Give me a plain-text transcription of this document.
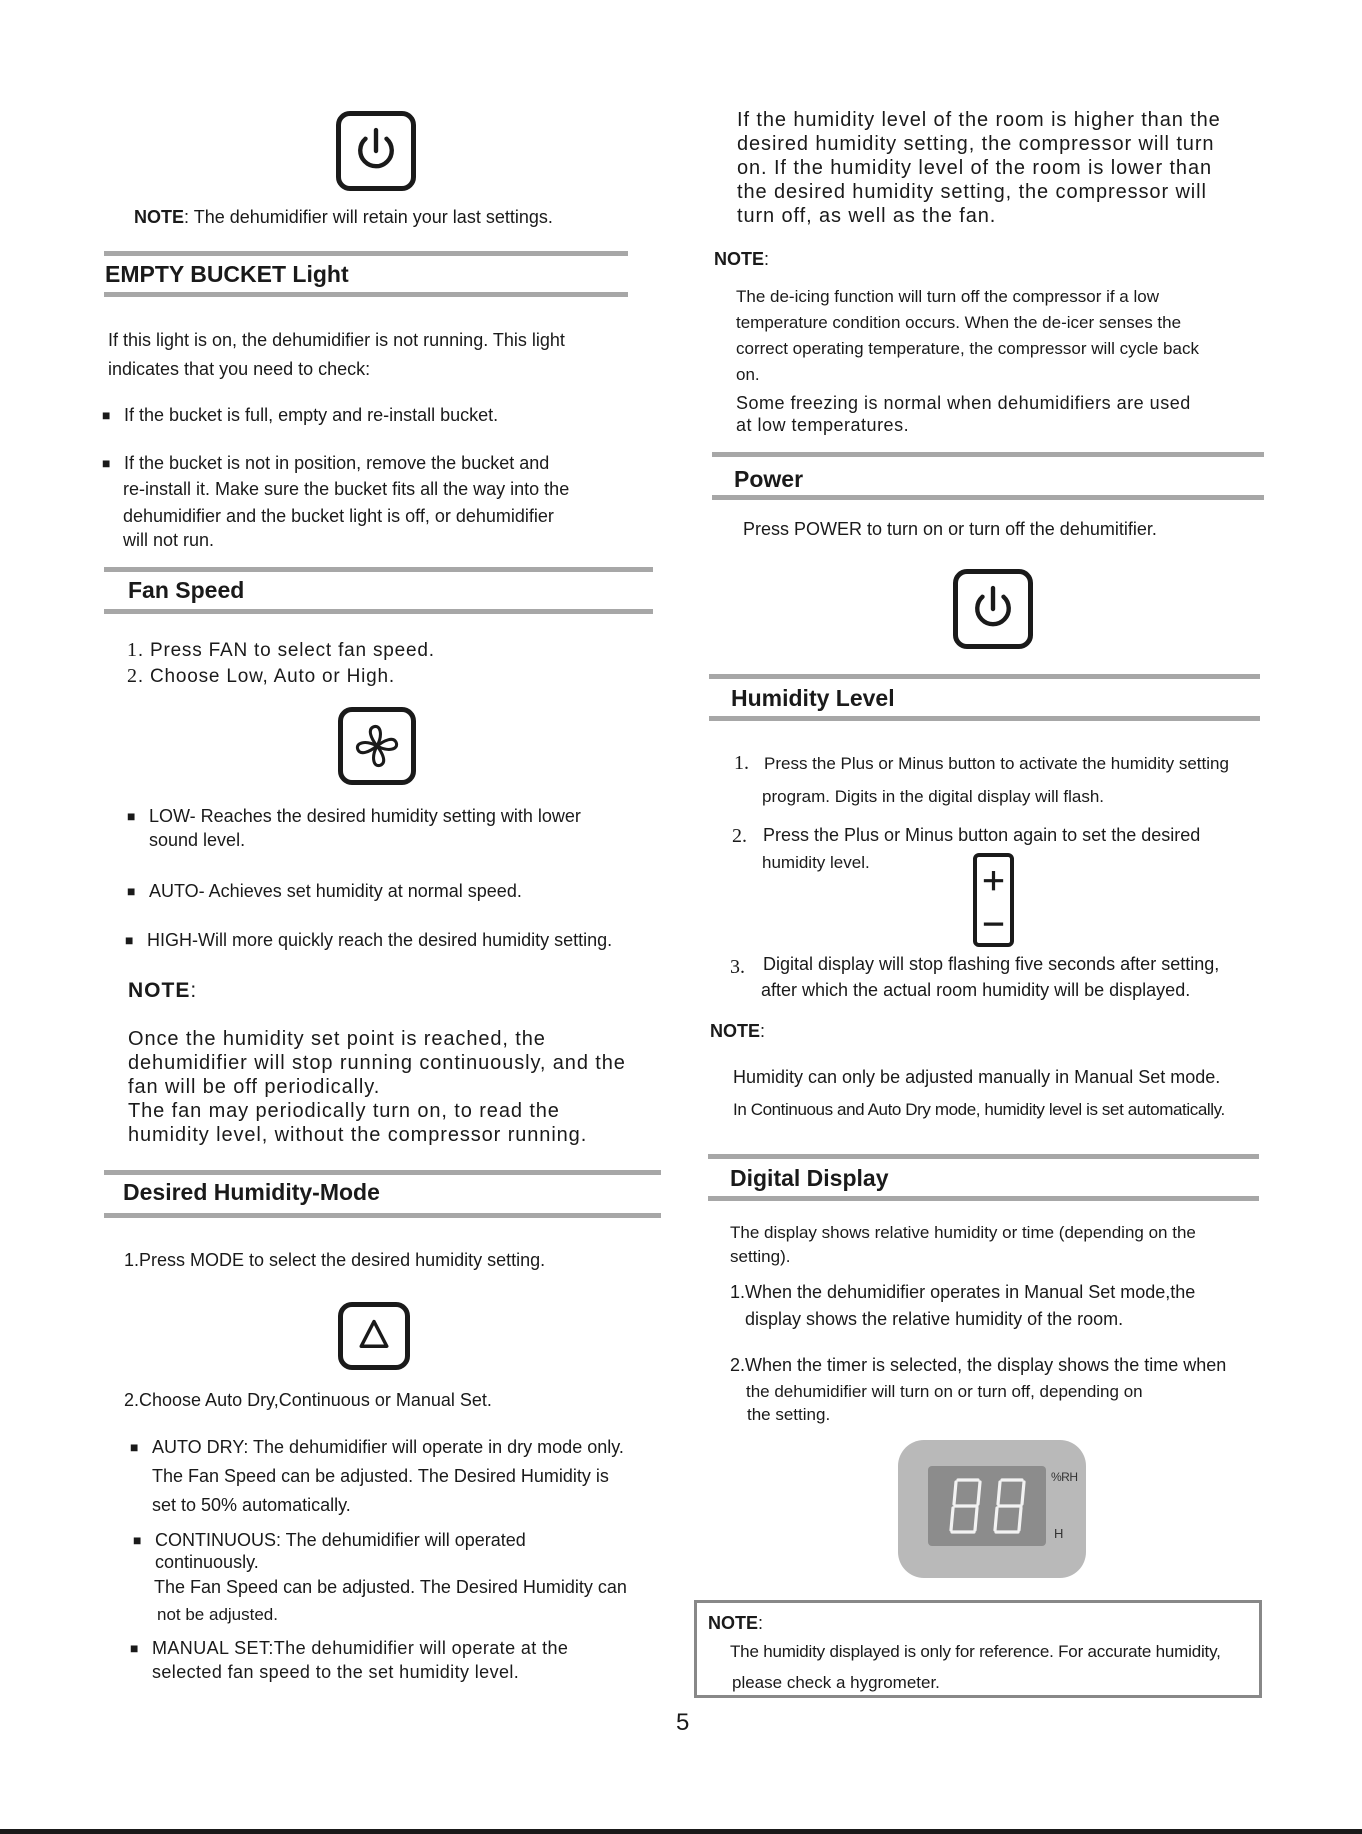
NOTE: The dehumidifier will retain your last settings.
EMPTY BUCKET Light
If this light is on, the dehumidifier is not running. This light
indicates that you need to check:
■ If the bucket is full, empty and re-install bucket.
■ If the bucket is not in position, remove the bucket and
re-install it. Make sure the bucket fits all the way into the
dehumidifier and the bucket light is off, or dehumidifier
will not run.
Fan Speed
1. Press FAN to select fan speed.
2. Choose Low, Auto or High.
■ LOW- Reaches the desired humidity setting with lower
sound level.
■ AUTO- Achieves set humidity at normal speed.
■ HIGH-Will more quickly reach the desired humidity setting.
NOTE:
Once the humidity set point is reached, the
dehumidifier will stop running continuously, and the
fan will be off periodically.
The fan may periodically turn on, to read the
humidity level, without the compressor running.
Desired Humidity-Mode
1.Press MODE to select the desired humidity setting.
2.Choose Auto Dry,Continuous or Manual Set.
■ AUTO DRY: The dehumidifier will operate in dry mode only.
The Fan Speed can be adjusted. The Desired Humidity is
set to 50% automatically.
■ CONTINUOUS: The dehumidifier will operated
continuously.
The Fan Speed can be adjusted. The Desired Humidity can
not be adjusted.
■ MANUAL SET:The dehumidifier will operate at the
selected fan speed to the set humidity level.
If the humidity level of the room is higher than the
desired humidity setting, the compressor will turn
on. If the humidity level of the room is lower than
the desired humidity setting, the compressor will
turn off, as well as the fan.
NOTE:
The de-icing function will turn off the compressor if a low
temperature condition occurs. When the de-icer senses the
correct operating temperature, the compressor will cycle back
on.
Some freezing is normal when dehumidifiers are used
at low temperatures.
Power
Press POWER to turn on or turn off the dehumitifier.
Humidity Level
1. Press the Plus or Minus button to activate the humidity setting
program. Digits in the digital display will flash.
2. Press the Plus or Minus button again to set the desired
humidity level.
3. Digital display will stop flashing five seconds after setting,
after which the actual room humidity will be displayed.
NOTE:
Humidity can only be adjusted manually in Manual Set mode.
In Continuous and Auto Dry mode, humidity level is set automatically.
Digital Display
The display shows relative humidity or time (depending on the
setting).
1.When the dehumidifier operates in Manual Set mode,the
display shows the relative humidity of the room.
2.When the timer is selected, the display shows the time when
the dehumidifier will turn on or turn off, depending on
the setting.
%RH
H
NOTE:
The humidity displayed is only for reference. For accurate humidity,
please check a hygrometer.
5
